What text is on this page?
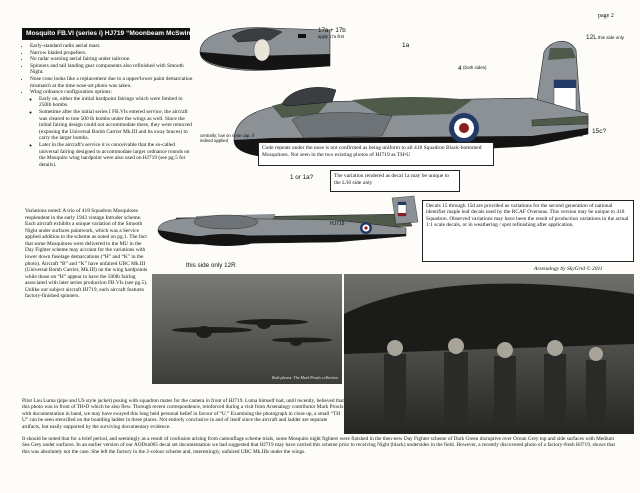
Mosquito FB.VI (series i) HJ719 “Moonbeam McSwine”
page 2
• Early-standard radio aerial mast.
• Narrow bladed propellers.
• No radar warning aerial fairing under tailcone.
• Spinners and tail landing gear components also refinished with Smooth Night.
• Nose cone looks like a replacement due to a upper/lower paint demarcation mismatch at the time nose-art photo was taken.
• Wing ordnance configuration options:
◦ Early on, either the initial hardpoint fairings which were limited to 250lb bombs.
◦ Sometime after the initial series I FB.VIs entered service, the aircraft was cleared to tote 500 lb bombs under the wings as well. Since the initial fairing design could not accommodate these, they were removed (exposing the Universal Bomb Carrier Mk.III and its sway braces) to carry the larger bombs.
◦ Later in the aircraft's service it is conceivable that the so-called universal fairing designed to accommodate larger ordnance rounds on the Mosquito wing hardpoint were also used on HJ719 (see pg.5 for details).
17a + 17b
apply 17a first
1a
4 (both sides)
12L this side only
15c?
centrally; low on nose cap, if indeed applied
Code repeats under the nose is not confirmed as being uniform to all 418 Squadron Black-bottomed Mosquitoes. Not seen in the two existing photos of HJ719 as TH•U
The variation rendered as decal 1a may be unique to the L/H side only
1 or 1a?
Decals 15 through 15d are provided as variations for the second generation of national identifier maple leaf decals used by the RCAF Overseas. This version may be unique to 418 Squadron. Observed variations may have been the result of production variations in the actual 1:1 scale decals, or in weathering / spot refinishing after application.
HJ719
this side only 12R
Variations noted: A trio of 418 Squadron Mosquitoes resplendent in the early 1943 vintage Intruder scheme. Each aircraft exhibits a unique variation of the Smooth Night under surfaces paintwork, which was a Service applied addition to the scheme as noted on pg.1. The fact that some Mosquitoes were delivered to the MU in the Day Fighter scheme may account for the variations with lower down fuselage demarcations (“H” and “K” in the photo). Aircraft “B” and “K” have unfaired UBC Mk.III (Universal Bomb Carrier, Mk.III) on the wing hardpoints while those on “H” appear to have the 500lb fairing associated with later series production FB.VIs (see pg.5). Unlike our subject aircraft HJ719, each aircraft features factory-finished spinners.
Both photos: The Mark Proulx collection
Arsenalogy by SkyGrid © 2011

Pilot Lou Luma (pipe and US style jacket) posing with squadron mates for the camera in front of HJ719. Luma himself had, until recently, believed that this photo was in front of TH•D which he also flew. Through recent correspondence, reinforced during a visit from Arsenalogy contributor Mark Proulx with documentation in hand, we may have swayed this long held personal belief in favour of “U.” Examining the photograph in close up, a small “TH U” can be seen stencilled on the boarding ladder in three places. Not entirely conclusive in and of itself since the aircraft and ladder are separate artifacts, but easily supported by the surviving documentary evidence.

It should be noted that for a brief period, and seemingly as a result of confusion arising from camouflage scheme trials, some Mosquito night fighters were finished in the then-new Day Fighter scheme of Dark Green disruptive over Ocean Grey top and side surfaces with Medium Sea Grey under surfaces. In an earlier version of our AODsn005 decal set documentation we had suggested that HJ719 may have carried this scheme prior to receiving Night (black) undersides in the field. However, a recently discovered photo of a factory-fresh HJ719, shows that this was absolutely not the case. She left the factory in the 2-colour scheme and, interestingly, unfaired UBC Mk.IIIs under the wings.
